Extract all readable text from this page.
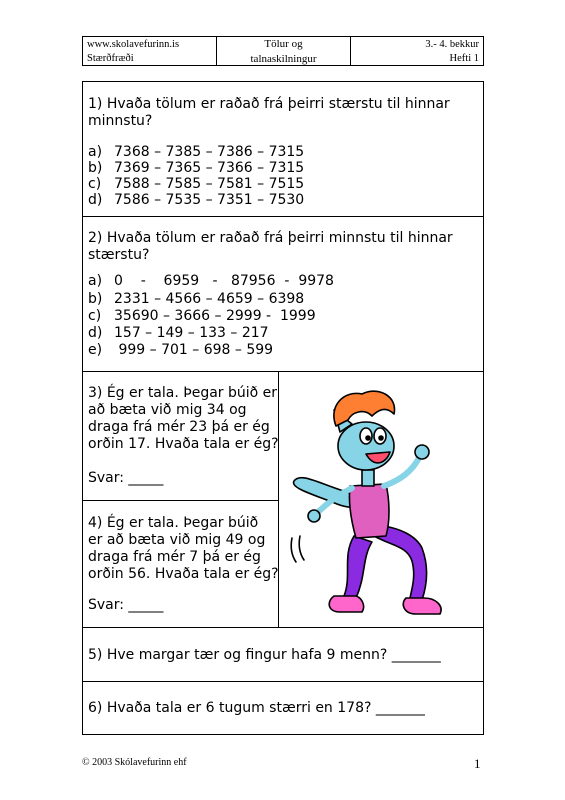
www.skolavefurinn.is
Stærðfræði
Tölur og
talnaskilningur
3.- 4. bekkur
Hefti 1
1) Hvaða tölum er raðað frá þeirri stærstu til hinnar
minnstu?
a) 7368 – 7385 – 7386 – 7315
b) 7369 – 7365 – 7366 – 7315
c) 7588 – 7585 – 7581 – 7515
d) 7586 – 7535 – 7351 – 7530
2) Hvaða tölum er raðað frá þeirri minnstu til hinnar
stærstu?
a) 0    -    6959   -   87956  -  9978
b) 2331 – 4566 – 4659 – 6398
c) 35690 – 3666 – 2999 -  1999
d) 157 – 149 – 133 – 217
e) 999 – 701 – 698 – 599
3) Ég er tala. Þegar búið er
að bæta við mig 34 og
draga frá mér 23 þá er ég
orðin 17. Hvaða tala er ég?
Svar: _____
4) Ég er tala. Þegar búið
er að bæta við mig 49 og
draga frá mér 7 þá er ég
orðin 56. Hvaða tala er ég?
Svar: _____
5) Hve margar tær og fingur hafa 9 menn? _______
6) Hvaða tala er 6 tugum stærri en 178? _______
© 2003 Skólavefurinn ehf	1
